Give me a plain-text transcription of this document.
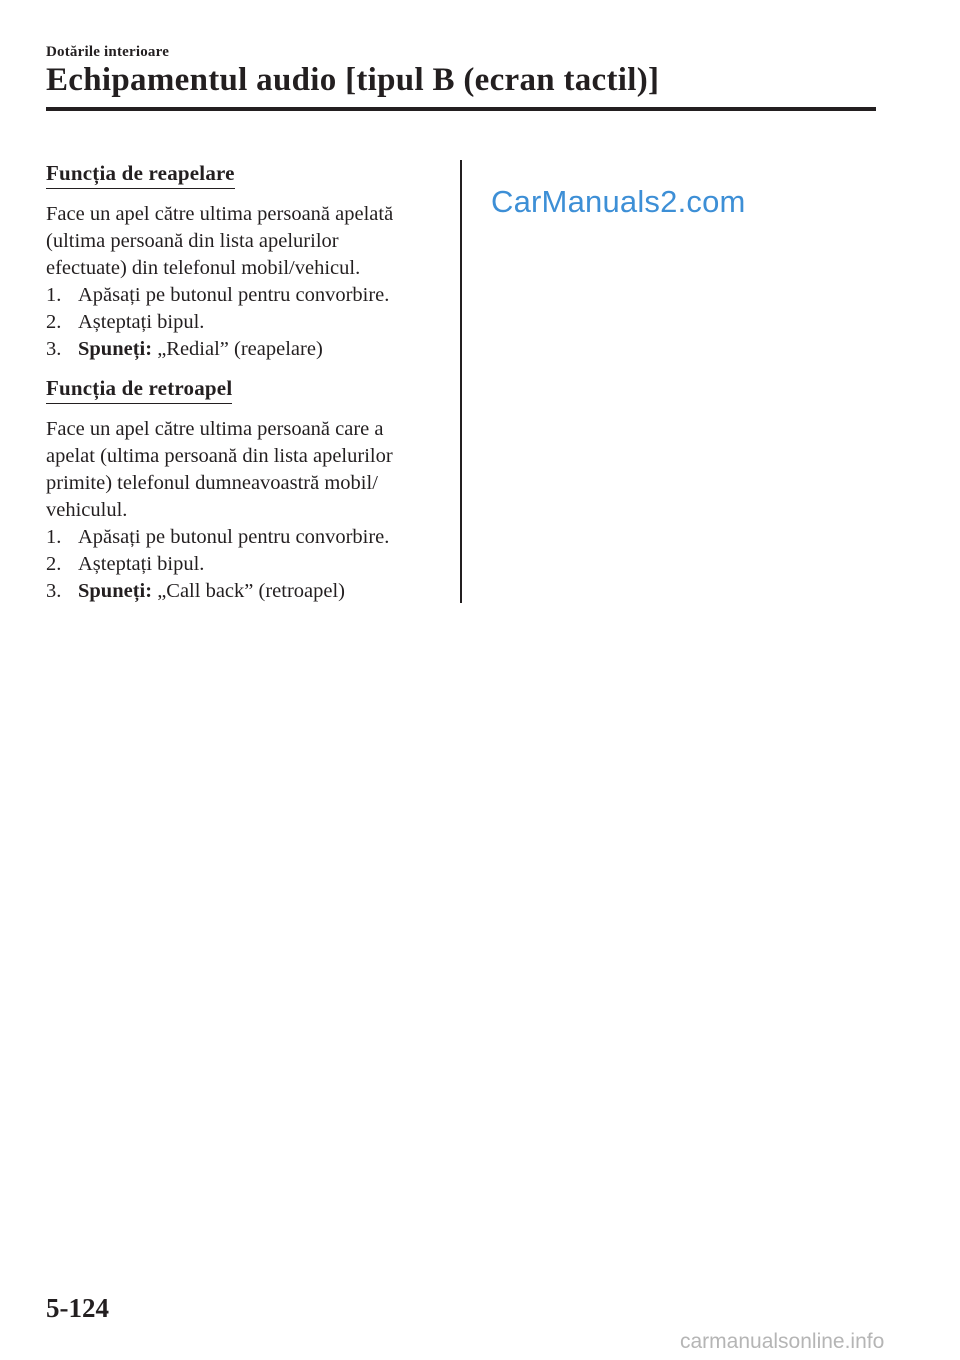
Dotările interioare
Echipamentul audio [tipul B (ecran tactil)]
Funcția de reapelare

Face un apel către ultima persoană apelată
(ultima persoană din lista apelurilor
efectuate) din telefonul mobil/vehicul.

1. Apăsați pe butonul pentru convorbire.
2. Așteptați bipul.
3. Spuneți: „Redial” (reapelare)
Funcția de retroapel

Face un apel către ultima persoană care a
apelat (ultima persoană din lista apelurilor
primite) telefonul dumneavoastră mobil/
vehiculul.

1. Apăsați pe butonul pentru convorbire.
2. Așteptați bipul.
3. Spuneți: „Call back” (retroapel)
CarManuals2.com
5-124
carmanualsonline.info
